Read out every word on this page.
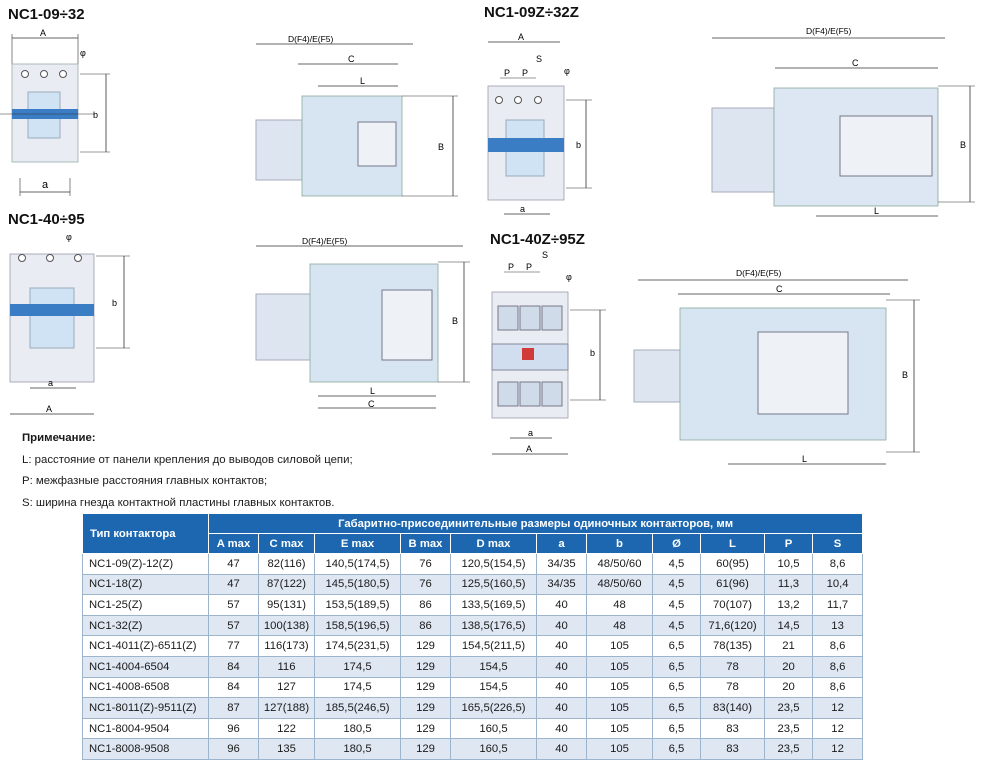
NC1-09÷32	NC1-09Z÷32Z
NC1-40÷95
NC1-40Z÷95Z
A
b
φ
a
D(F4)/E(F5)
C
L
B
A
P P
S
φ
b
a
D(F4)/E(F5)
C
B
L
φ
b
a
A
D(F4)/E(F5)
B
L
C
P P
S
φ
b
a
A
D(F4)/E(F5)
C
B
L
Примечание:
L: расстояние от панели крепления до выводов силовой цепи;
P: межфазные расстояния главных контактов;
S: ширина гнезда контактной пластины главных контактов.
Тип контактора	Габаритно-присоединительные размеры одиночных контакторов, мм										
	A max	C max	E max	B max	D max	a	b	Ø	L	P	S
NC1-09(Z)-12(Z)	47	82(116)	140,5(174,5)	76	120,5(154,5)	34/35	48/50/60	4,5	60(95)	10,5	8,6
NC1-18(Z)	47	87(122)	145,5(180,5)	76	125,5(160,5)	34/35	48/50/60	4,5	61(96)	11,3	10,4
NC1-25(Z)	57	95(131)	153,5(189,5)	86	133,5(169,5)	40	48	4,5	70(107)	13,2	11,7
NC1-32(Z)	57	100(138)	158,5(196,5)	86	138,5(176,5)	40	48	4,5	71,6(120)	14,5	13
NC1-4011(Z)-6511(Z)	77	116(173)	174,5(231,5)	129	154,5(211,5)	40	105	6,5	78(135)	21	8,6
NC1-4004-6504	84	116	174,5	129	154,5	40	105	6,5	78	20	8,6
NC1-4008-6508	84	127	174,5	129	154,5	40	105	6,5	78	20	8,6
NC1-8011(Z)-9511(Z)	87	127(188)	185,5(246,5)	129	165,5(226,5)	40	105	6,5	83(140)	23,5	12
NC1-8004-9504	96	122	180,5	129	160,5	40	105	6,5	83	23,5	12
NC1-8008-9508	96	135	180,5	129	160,5	40	105	6,5	83	23,5	12
